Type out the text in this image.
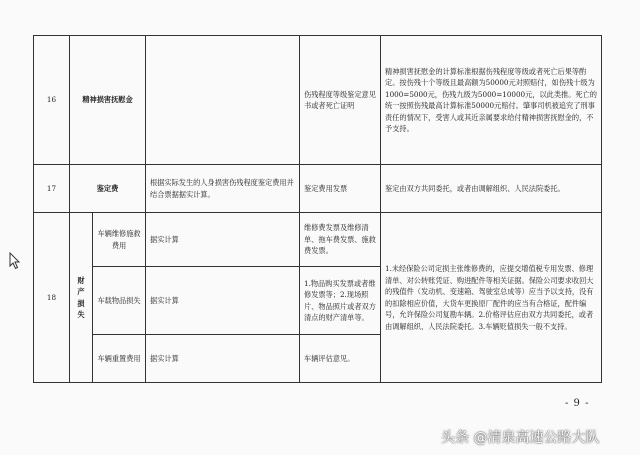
16	精神损害抚慰金			伤残程度等级鉴定意见书或者死亡证明	精神损害抚慰金的计算标准根据伤残程度等级或者死亡后果等酌定。按伤残十个等级且最高额为50000元对照赔付，如伤残十级为1000=5000元，伤残九级为5000=10000元，以此类推。死亡的统一按照伤残最高计算标准50000元赔付。肇事司机被追究了刑事责任的情况下，受害人或其近亲属要求给付精神损害抚慰金的，不予支持。
17	鉴定费		根据实际发生的人身损害伤残程度鉴定费用并结合票据据实计算。	鉴定费用发票	鉴定由双方共同委托，或者由调解组织、人民法院委托。
18	财产损失	车辆维修施救费用	据实计算	维修费发票及维修清单、拖车费发票、施救费发票。	1.未经保险公司定损主张维修费的，应提交增值税专用发票、修理清单、对公转账凭证、购进配件等相关证据。保险公司要求收回大的残值件（发动机、变速箱、驾驶室总成等）应当予以支持，没有的扣除相应价值，大货车更换原厂配件的应当有合格证，配件编号，允许保险公司复勘车辆。2.价格评估应由双方共同委托，或者由调解组织、人民法院委托。3.车辆贬值损失一般不支持。
		车载物品损失	据实计算	1.物品购买发票或者维修发票等；2.现场照片、物品照片或者双方清点的财产清单等。	
		车辆重置费用	据实计算	车辆评估意见。	
- 9 -
头条 @清泉高速公路大队
